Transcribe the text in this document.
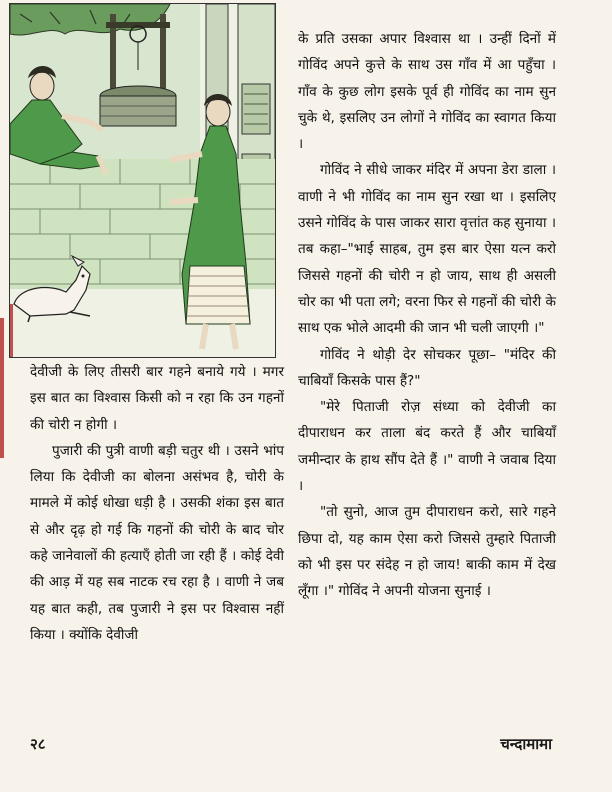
देवीजी के लिए तीसरी बार गहने बनाये गये । मगर इस बात का विश्वास किसी को न रहा कि उन गहनों की चोरी न होगी ।

पुजारी की पुत्री वाणी बड़ी चतुर थी । उसने भांप लिया कि देवीजी का बोलना असंभव है, चोरी के मामले में कोई धोखा धड़ी है । उसकी शंका इस बात से और दृढ़ हो गई कि गहनों की चोरी के बाद चोर कहे जानेवालों की हत्याएँ होती जा रही हैं । कोई देवी की आड़ में यह सब नाटक रच रहा है । वाणी ने जब यह बात कही, तब पुजारी ने इस पर विश्वास नहीं किया । क्योंकि देवीजी

के प्रति उसका अपार विश्वास था । उन्हीं दिनों में गोविंद अपने कुत्ते के साथ उस गाँव में आ पहुँचा । गाँव के कुछ लोग इसके पूर्व ही गोविंद का नाम सुन चुके थे, इसलिए उन लोगों ने गोविंद का स्वागत किया ।

गोविंद ने सीधे जाकर मंदिर में अपना डेरा डाला । वाणी ने भी गोविंद का नाम सुन रखा था । इसलिए उसने गोविंद के पास जाकर सारा वृत्तांत कह सुनाया । तब कहा–"भाई साहब, तुम इस बार ऐसा यत्न करो जिससे गहनों की चोरी न हो जाय, साथ ही असली चोर का भी पता लगे; वरना फिर से गहनों की चोरी के साथ एक भोले आदमी की जान भी चली जाएगी ।"

गोविंद ने थोड़ी देर सोचकर पूछा– "मंदिर की चाबियाँ किसके पास हैं?"

"मेरे पिताजी रोज़ संध्या को देवीजी का दीपाराधन कर ताला बंद करते हैं और चाबियाँ जमीन्दार के हाथ सौंप देते हैं ।" वाणी ने जवाब दिया ।

"तो सुनो, आज तुम दीपाराधन करो, सारे गहने छिपा दो, यह काम ऐसा करो जिससे तुम्हारे पिताजी को भी इस पर संदेह न हो जाय! बाकी काम में देख लूँगा ।" गोविंद ने अपनी योजना सुनाई ।

२८	चन्दामामा
